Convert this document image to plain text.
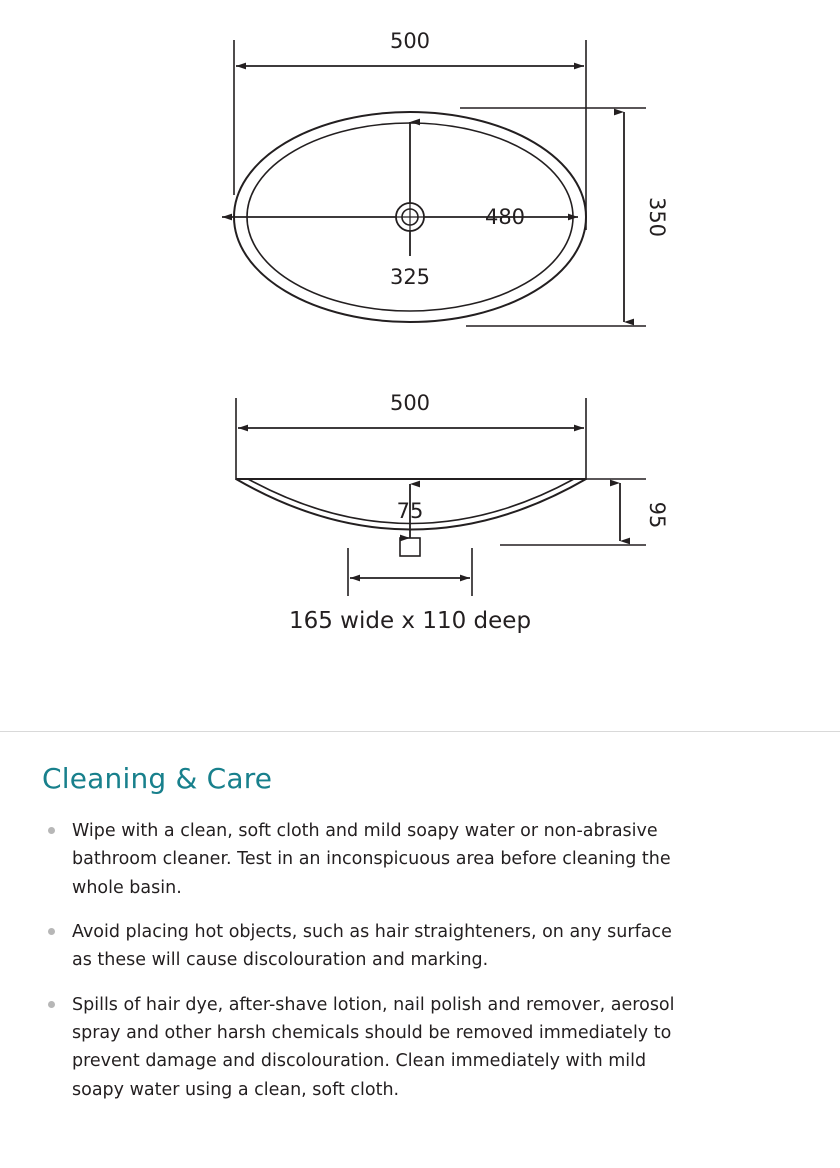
500
350
480
325
500
75	95
165 wide x 110 deep
Cleaning & Care
Wipe with a clean, soft cloth and mild soapy water or non-abrasive bathroom cleaner. Test in an inconspicuous area before cleaning the whole basin.
Avoid placing hot objects, such as hair straighteners, on any surface as these will cause discolouration and marking.
Spills of hair dye, after-shave lotion, nail polish and remover, aerosol spray and other harsh chemicals should be removed immediately to prevent damage and discolouration. Clean immediately with mild soapy water using a clean, soft cloth.
